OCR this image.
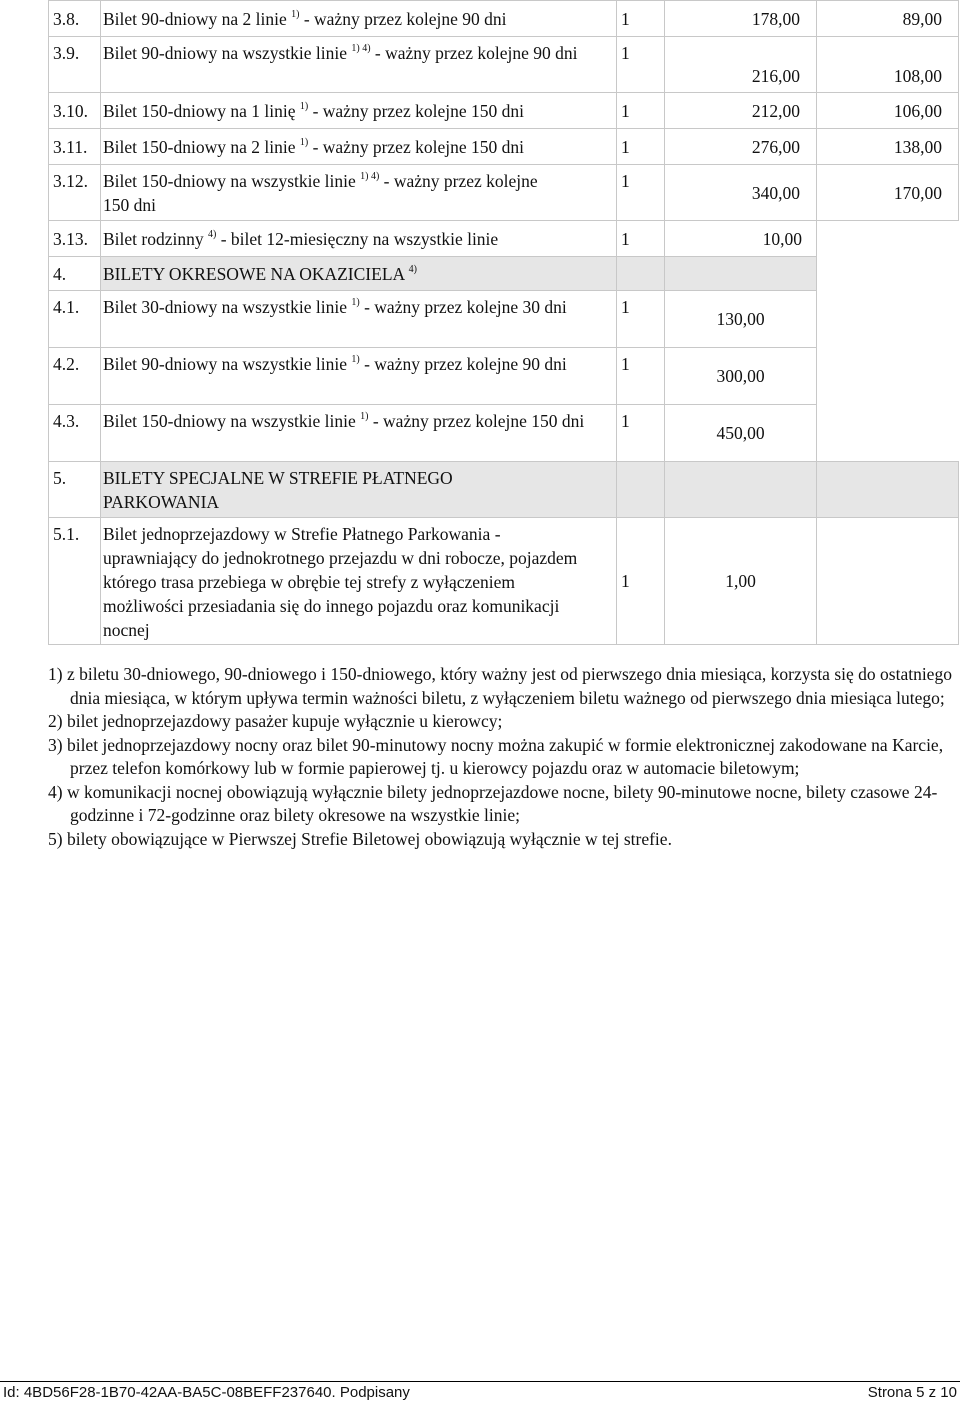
3.8.	Bilet 90-dniowy na 2 linie $^{1)}$ - ważny przez kolejne 90 dni	1	178,00	89,00
3.9.	Bilet 90-dniowy na wszystkie linie $^{1) 4)}$ - ważny przez kolejne 90 dni	1	216,00	108,00
3.10.	Bilet 150-dniowy na 1 linię $^{1)}$ - ważny przez kolejne 150 dni	1	212,00	106,00
3.11.	Bilet 150-dniowy na 2 linie $^{1)}$ - ważny przez kolejne 150 dni	1	276,00	138,00
3.12.	Bilet 150-dniowy na wszystkie linie $^{1) 4)}$ - ważny przez kolejne 150 dni	1	340,00	170,00
3.13.	Bilet rodzinny $^{4)}$ - bilet 12-miesięczny na wszystkie linie	1	10,00	
4.	BILETY OKRESOWE NA OKAZICIELA $^{4)}$			
4.1.	Bilet 30-dniowy na wszystkie linie $^{1)}$ - ważny przez kolejne 30 dni	1	130,00	
4.2.	Bilet 90-dniowy na wszystkie linie $^{1)}$ - ważny przez kolejne 90 dni	1	300,00	
4.3.	Bilet 150-dniowy na wszystkie linie $^{1)}$ - ważny przez kolejne 150 dni	1	450,00	
5.	BILETY SPECJALNE W STREFIE PŁATNEGO PARKOWANIA			
5.1.	Bilet jednoprzejazdowy w Strefie Płatnego Parkowania - uprawniający do jednokrotnego przejazdu w dni robocze, pojazdem którego trasa przebiega w obrębie tej strefy z wyłączeniem możliwości przesiadania się do innego pojazdu oraz komunikacji nocnej	1	1,00	

1) z biletu 30-dniowego, 90-dniowego i 150-dniowego, który ważny jest od pierwszego dnia miesiąca, korzysta się do ostatniego dnia miesiąca, w którym upływa termin ważności biletu, z wyłączeniem biletu ważnego od pierwszego dnia miesiąca lutego;

2) bilet jednoprzejazdowy pasażer kupuje wyłącznie u kierowcy;

3) bilet jednoprzejazdowy nocny oraz bilet 90-minutowy nocny można zakupić w formie elektronicznej zakodowane na Karcie, przez telefon komórkowy lub w formie papierowej tj. u kierowcy pojazdu oraz w automacie biletowym;

4) w komunikacji nocnej obowiązują wyłącznie bilety jednoprzejazdowe nocne, bilety 90-minutowe nocne, bilety czasowe 24-godzinne i 72-godzinne oraz bilety okresowe na wszystkie linie;

5) bilety obowiązujące w Pierwszej Strefie Biletowej obowiązują wyłącznie w tej strefie.

Id: 4BD56F28-1B70-42AA-BA5C-08BEFF237640. Podpisany	Strona 5 z 10
